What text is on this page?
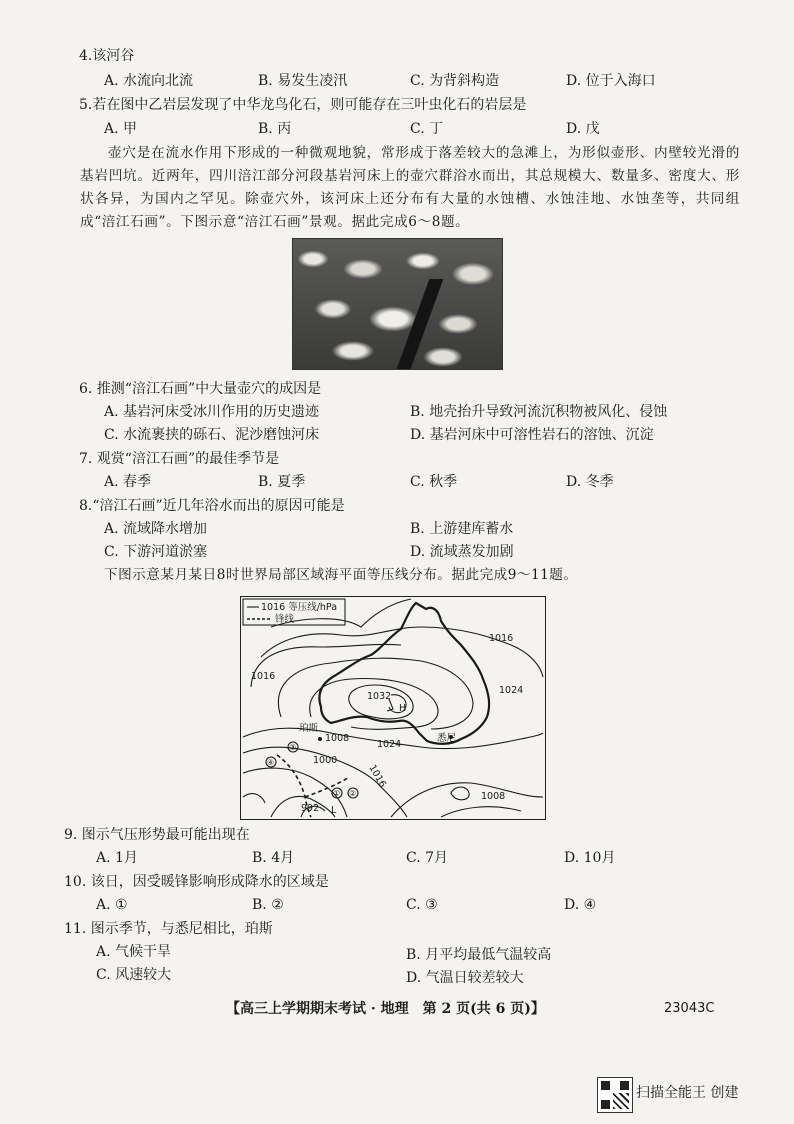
4.该河谷
A. 水流向北流	B. 易发生凌汛	C. 为背斜构造	D. 位于入海口
5.若在图中乙岩层发现了中华龙鸟化石，则可能存在三叶虫化石的岩层是
A. 甲	B. 丙	C. 丁	D. 戊
壶穴是在流水作用下形成的一种微观地貌，常形成于落差较大的急滩上，为形似壶形、内壁较光滑的基岩凹坑。近两年，四川涪江部分河段基岩河床上的壶穴群浴水而出，其总规模大、数量多、密度大、形状各异，为国内之罕见。除壶穴外，该河床上还分布有大量的水蚀槽、水蚀洼地、水蚀垄等，共同组成“涪江石画”。下图示意“涪江石画”景观。据此完成6～8题。
6. 推测“涪江石画”中大量壶穴的成因是
A. 基岩河床受冰川作用的历史遗迹	B. 地壳抬升导致河流沉积物被风化、侵蚀
C. 水流裹挟的砾石、泥沙磨蚀河床	D. 基岩河床中可溶性岩石的溶蚀、沉淀
7. 观赏“涪江石画”的最佳季节是
A. 春季	B. 夏季	C. 秋季	D. 冬季
8.“涪江石画”近几年浴水而出的原因可能是
A. 流域降水增加	B. 上游建库蓄水
C. 下游河道淤塞	D. 流域蒸发加剧
下图示意某月某日8时世界局部区域海平面等压线分布。据此完成9～11题。
1016 等压线/hPa
锋线
1016
1016
1024
1024
1032
H
珀斯
悉尼
1008
1008
1000
1016
992 L
① ②
③
④
9. 图示气压形势最可能出现在
A. 1月	B. 4月	C. 7月	D. 10月
10. 该日，因受暖锋影响形成降水的区域是
A. ①	B. ②	C. ③	D. ④
11. 图示季节，与悉尼相比，珀斯
A. 气候干旱	B. 月平均最低气温较高
C. 风速较大	D. 气温日较差较大
【高三上学期期末考试 · 地理　第 2 页(共 6 页)】	23043C
扫描全能王 创建
